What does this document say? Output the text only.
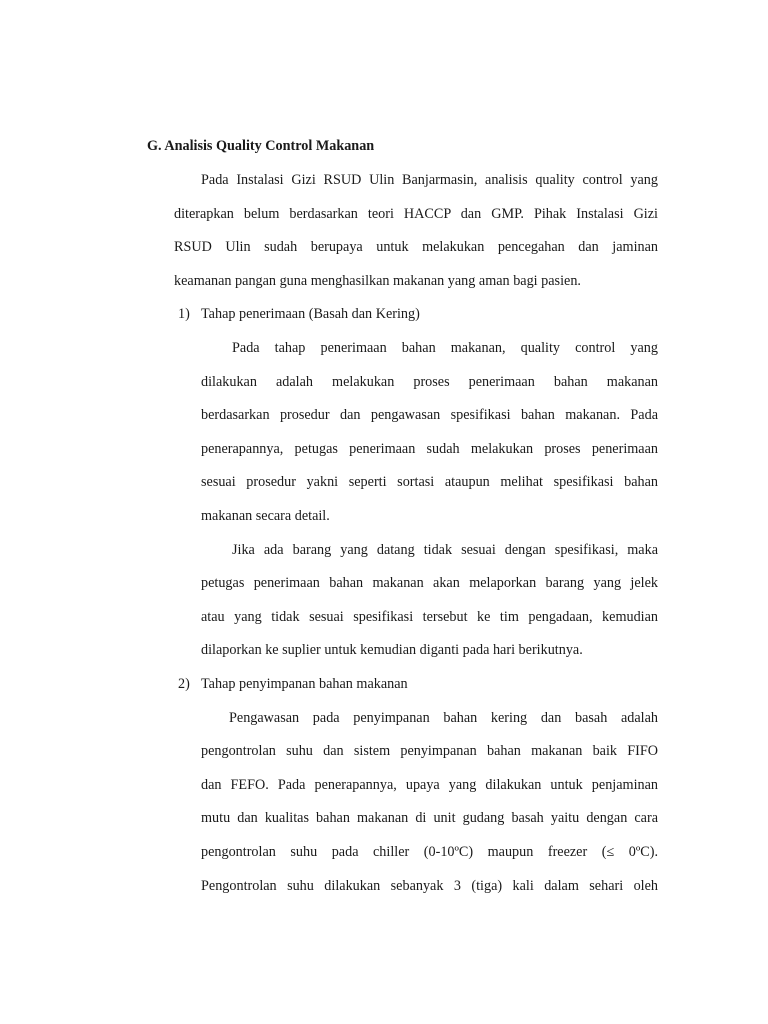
G. Analisis Quality Control Makanan
Pada Instalasi Gizi RSUD Ulin Banjarmasin, analisis quality control yang
diterapkan belum berdasarkan teori HACCP dan GMP. Pihak Instalasi Gizi
RSUD Ulin sudah berupaya untuk melakukan pencegahan dan jaminan
keamanan pangan guna menghasilkan makanan yang aman bagi pasien.
1) Tahap penerimaan (Basah dan Kering)
Pada tahap penerimaan bahan makanan, quality control yang
dilakukan adalah melakukan proses penerimaan bahan makanan
berdasarkan prosedur dan pengawasan spesifikasi bahan makanan. Pada
penerapannya, petugas penerimaan sudah melakukan proses penerimaan
sesuai prosedur yakni seperti sortasi ataupun melihat spesifikasi bahan
makanan secara detail.
Jika ada barang yang datang tidak sesuai dengan spesifikasi, maka
petugas penerimaan bahan makanan akan melaporkan barang yang jelek
atau yang tidak sesuai spesifikasi tersebut ke tim pengadaan, kemudian
dilaporkan ke suplier untuk kemudian diganti pada hari berikutnya.
2) Tahap penyimpanan bahan makanan
Pengawasan pada penyimpanan bahan kering dan basah adalah
pengontrolan suhu dan sistem penyimpanan bahan makanan baik FIFO
dan FEFO. Pada penerapannya, upaya yang dilakukan untuk penjaminan
mutu dan kualitas bahan makanan di unit gudang basah yaitu dengan cara
pengontrolan suhu pada chiller (0-10ºC) maupun freezer (≤ 0ºC).
Pengontrolan suhu dilakukan sebanyak 3 (tiga) kali dalam sehari oleh
